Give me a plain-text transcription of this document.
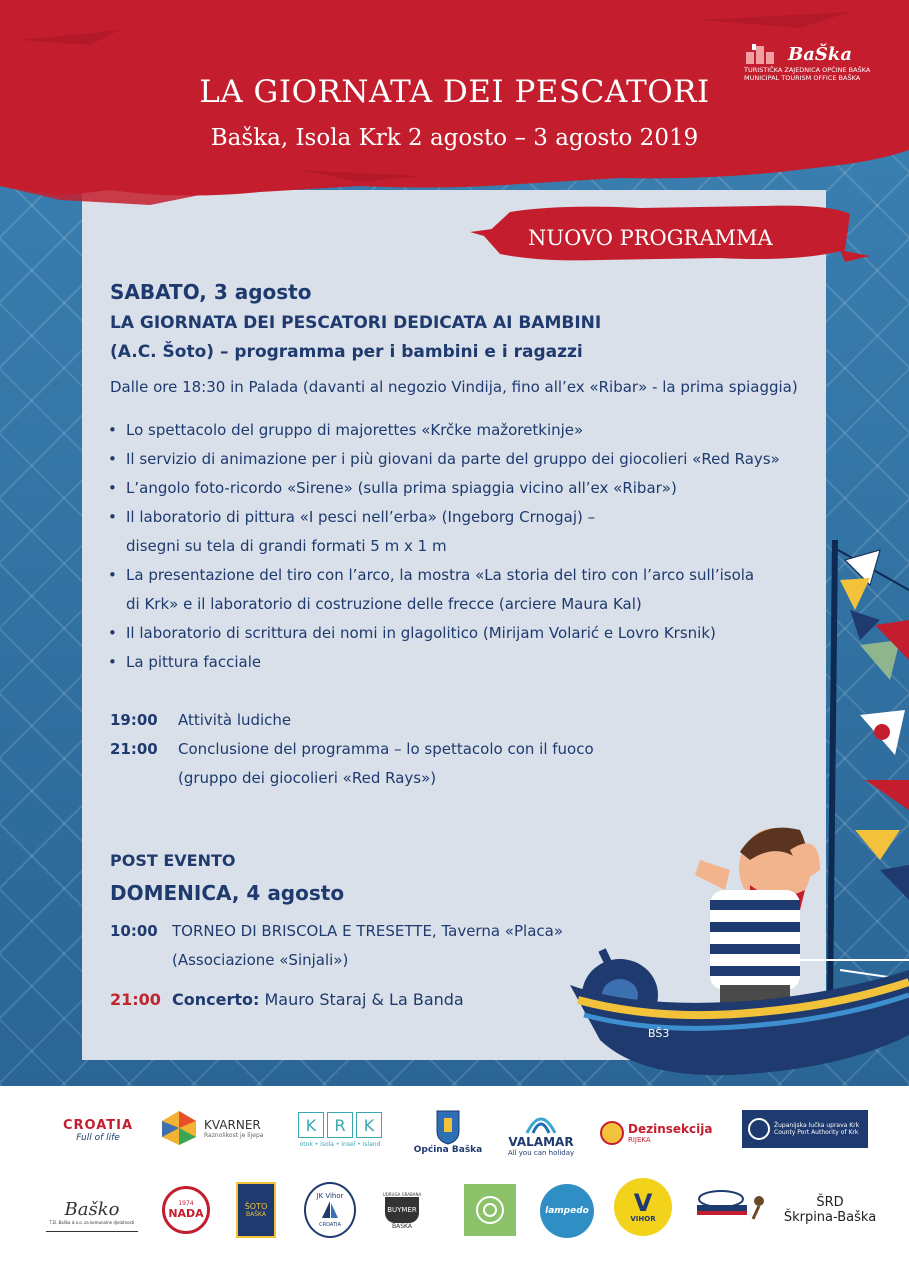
LA GIORNATA DEI PESCATORI
Baška, Isola Krk 2 agosto – 3 agosto 2019
NUOVO PROGRAMMA
BaŠka
TURISTIČKA ZAJEDNICA OPĆINE BAŠKA
MUNICIPAL TOURISM OFFICE BAŠKA
SABATO, 3 agosto
LA GIORNATA DEI PESCATORI DEDICATA AI BAMBINI
(A.C. Šoto) – programma per i bambini e i ragazzi
Dalle ore 18:30 in Palada (davanti al negozio Vindija, fino all’ex «Ribar» - la prima spiaggia)
• Lo spettacolo del gruppo di majorettes «Krčke mažoretkinje»
• Il servizio di animazione per i più giovani da parte del gruppo dei giocolieri «Red Rays»
• L’angolo foto-ricordo «Sirene» (sulla prima spiaggia vicino all’ex «Ribar»)
• Il laboratorio di pittura «I pesci nell’erba» (Ingeborg Crnogaj) –
disegni su tela di grandi formati 5 m x 1 m
• La presentazione del tiro con l’arco, la mostra «La storia del tiro con l’arco sull’isola
di Krk» e il laboratorio di costruzione delle frecce (arciere Maura Kal)
• Il laboratorio di scrittura dei nomi in glagolitico (Mirijam Volarić e Lovro Krsnik)
• La pittura facciale
19:00 Attività ludiche
21:00 Conclusione del programma – lo spettacolo con il fuoco
(gruppo dei giocolieri «Red Rays»)
POST EVENTO
DOMENICA, 4 agosto
10:00 TORNEO DI BRISCOLA E TRESETTE, Taverna «Placa»
(Associazione «Sinjali»)
21:00 Concerto: Mauro Staraj & La Banda
BŠ3
CROATIA
Full of life
KVARNER
Raznolikost je lijepa
K	R	K
otok • isola • insel • island
Općina Baška
VALAMAR
All you can holiday
Dezinsekcija
RIJEKA
Županijska lučka uprava Krk
County Port Authority of Krk
Baško
T.D. Baška d.o.o. za komunalne djelatnosti
1974
NADA
ŠOTO
BAŠKA
JK Vihor
CROATIA
UDRUGA GRABANA
BUYMER
BAŠKA
lampedo V
VIHOR
ŠRD
Škrpina-Baška
